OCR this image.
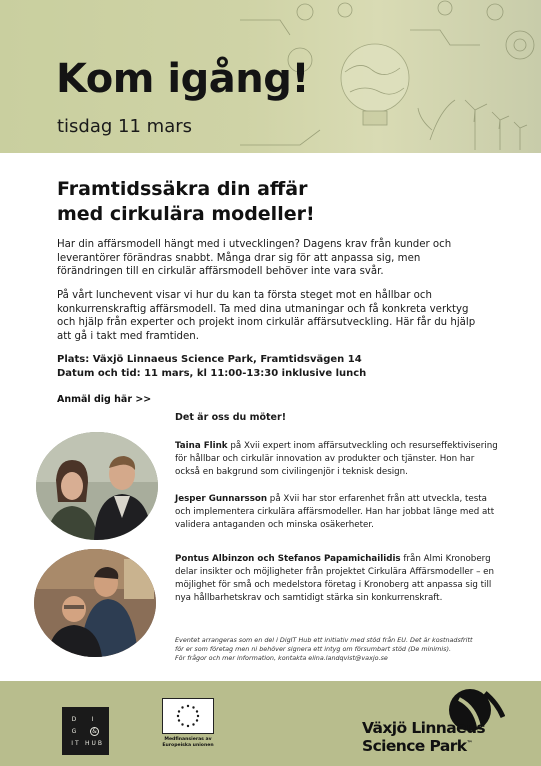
Kom igång!
tisdag 11 mars
Framtidssäkra din affär
med cirkulära modeller!

Har din affärsmodell hängt med i utvecklingen? Dagens krav från kunder och leverantörer förändras snabbt. Många drar sig för att anpassa sig, men förändringen till en cirkulär affärsmodell behöver inte vara svår.

På vårt lunchevent visar vi hur du kan ta första steget mot en hållbar och konkurrenskraftig affärsmodell. Ta med dina utmaningar och få konkreta verktyg och hjälp från experter och projekt inom cirkulär affärsutveckling. Här får du hjälp att gå i takt med framtiden.

Plats: Växjö Linnaeus Science Park, Framtidsvägen 14
Datum och tid: 11 mars, kl 11:00-13:30 inklusive lunch
Anmäl dig här >>
Det är oss du möter!

Taina Flink på Xvii expert inom affärsutveckling och resurseffektivisering för hållbar och cirkulär innovation av produkter och tjänster. Hon har också en bakgrund som civilingenjör i teknisk design.

Jesper Gunnarsson på Xvii har stor erfarenhet från att utveckla, testa och implementera cirkulära affärsmodeller. Han har jobbat länge med att validera antaganden och minska osäkerheter.

Pontus Albinzon och Stefanos Papamichailidis från Almi Kronoberg delar insikter och möjligheter från projektet Cirkulära Affärsmodeller – en möjlighet för små och medelstora företag i Kronoberg att anpassa sig till nya hållbarhetskrav och samtidigt stärka sin konkurrenskraft.

Eventet arrangeras som en del i DigIT Hub ett initiativ med stöd från EU. Det är kostnadsfritt
för er som företag men ni behöver signera ett intyg om försumbart stöd (De minimis).
För frågor och mer information, kontakta elina.landqvist@vaxjo.se
D I
G	&
IT HUB	Medfinansieras av
Europeiska unionen
Växjö Linnaeus
Science Park™
